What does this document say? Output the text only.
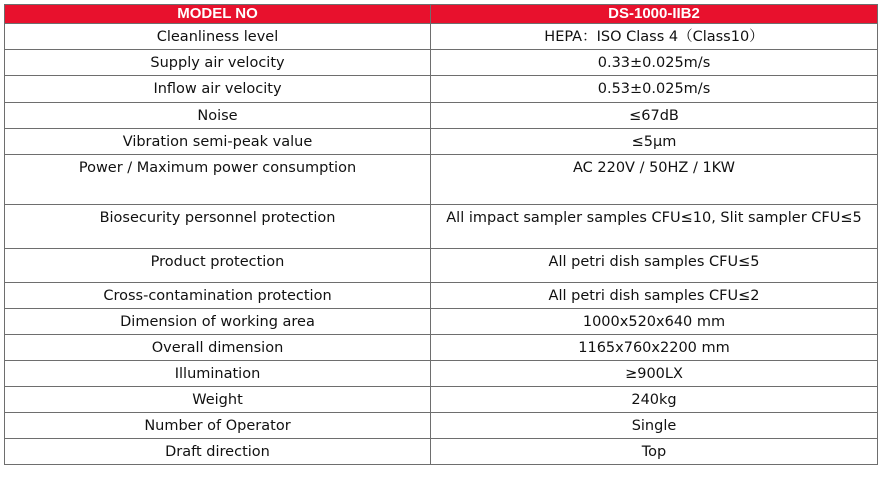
MODEL NO	DS-1000-IIB2
Cleanliness level	HEPA：ISO Class 4（Class10）
Supply air velocity	0.33±0.025m/s
Inflow air velocity	0.53±0.025m/s
Noise	≤67dB
Vibration semi-peak value	≤5μm
Power / Maximum power consumption	AC 220V / 50HZ / 1KW
Biosecurity personnel protection	All impact sampler samples CFU≤10, Slit sampler CFU≤5
Product protection	All petri dish samples CFU≤5
Cross-contamination protection	All petri dish samples CFU≤2
Dimension of working area	1000x520x640 mm
Overall dimension	1165x760x2200 mm
Illumination	≥900LX
Weight	240kg
Number of Operator	Single
Draft direction	Top
